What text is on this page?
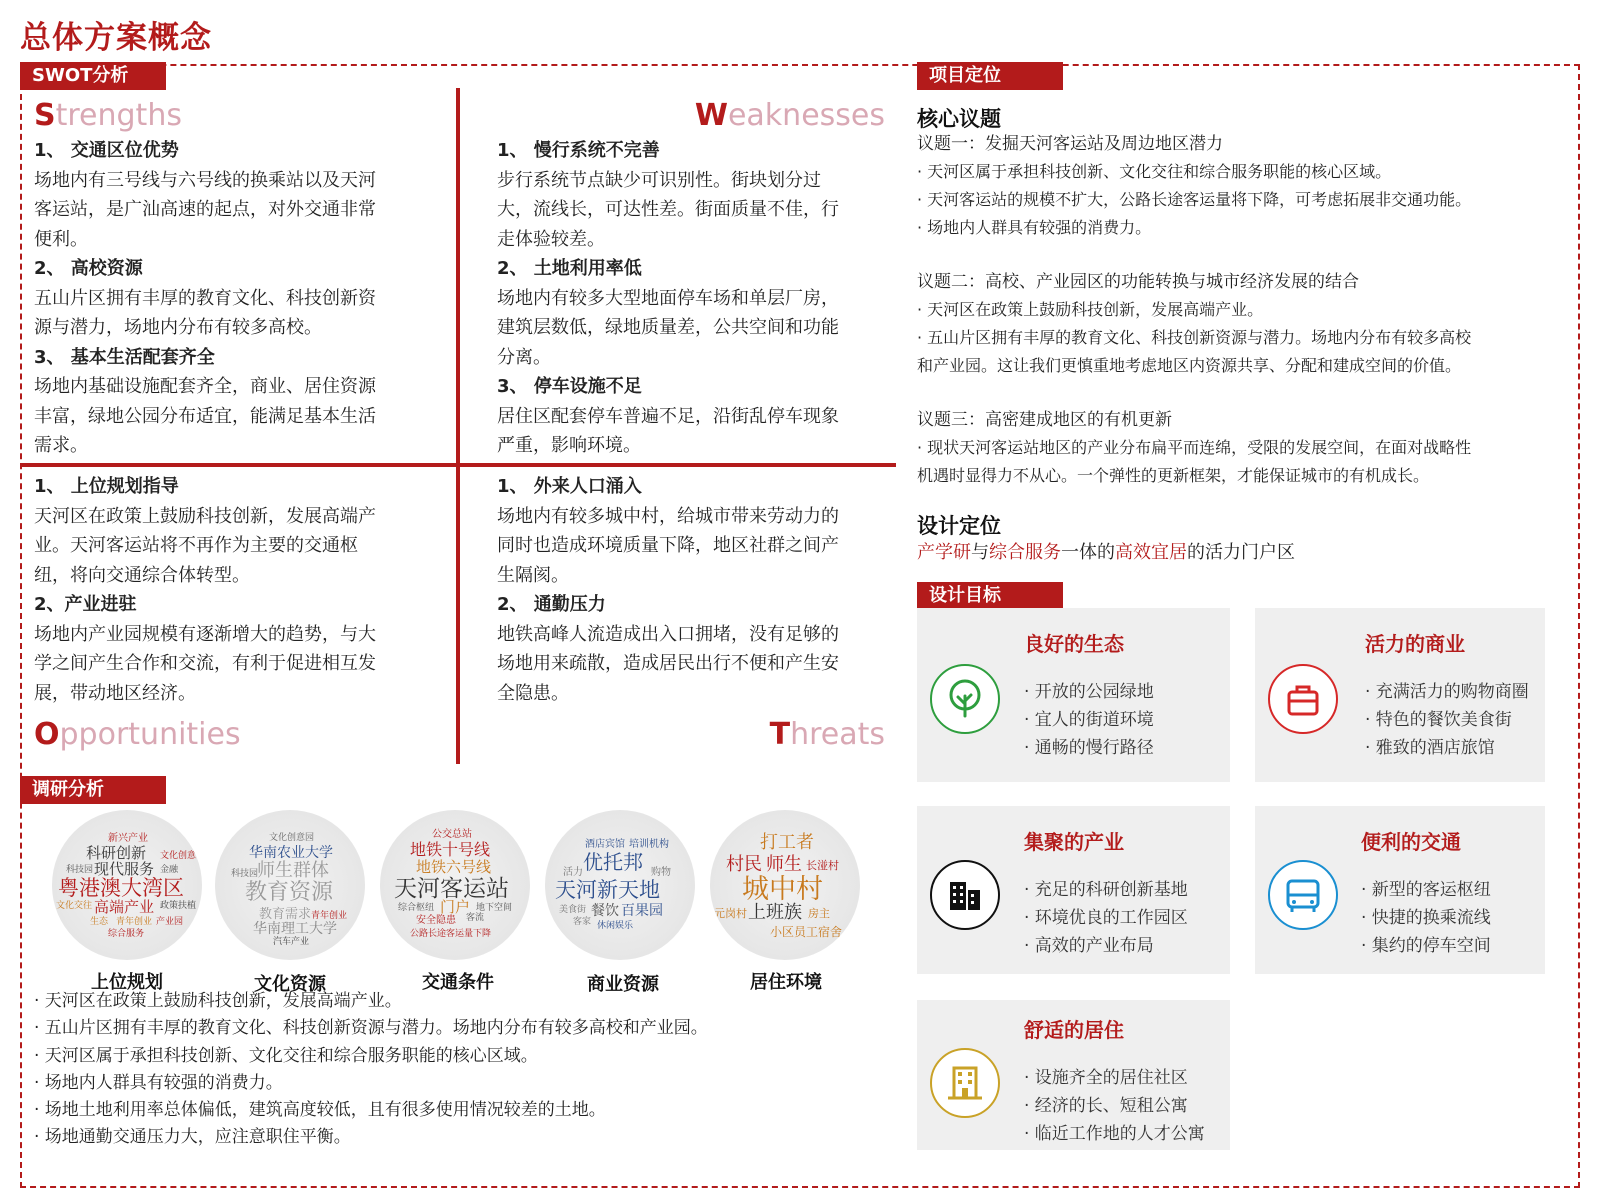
总体方案概念
SWOT分析	项目定位
设计目标
调研分析
Strengths	Weaknesses
Opportunities	Threats
1、 交通区位优势
场地内有三号线与六号线的换乘站以及天河
客运站，是广汕高速的起点，对外交通非常
便利。
2、 高校资源
五山片区拥有丰厚的教育文化、科技创新资
源与潜力，场地内分布有较多高校。
3、 基本生活配套齐全
场地内基础设施配套齐全，商业、居住资源
丰富，绿地公园分布适宜，能满足基本生活
需求。
1、 慢行系统不完善
步行系统节点缺少可识别性。街块划分过
大，流线长，可达性差。街面质量不佳，行
走体验较差。
2、 土地利用率低
场地内有较多大型地面停车场和单层厂房，
建筑层数低，绿地质量差，公共空间和功能
分离。
3、 停车设施不足
居住区配套停车普遍不足，沿街乱停车现象
严重，影响环境。
1、 上位规划指导
天河区在政策上鼓励科技创新，发展高端产
业。天河客运站将不再作为主要的交通枢
纽，将向交通综合体转型。
2、产业进驻
场地内产业园规模有逐渐增大的趋势，与大
学之间产生合作和交流，有利于促进相互发
展，带动地区经济。
1、 外来人口涌入
场地内有较多城中村，给城市带来劳动力的
同时也造成环境质量下降，地区社群之间产
生隔阂。
2、 通勤压力
地铁高峰人流造成出入口拥堵，没有足够的
场地用来疏散，造成居民出行不便和产生安
全隐患。
核心议题
议题一：发掘天河客运站及周边地区潜力
· 天河区属于承担科技创新、文化交往和综合服务职能的核心区域。
· 天河客运站的规模不扩大，公路长途客运量将下降，可考虑拓展非交通功能。
· 场地内人群具有较强的消费力。
议题二：高校、产业园区的功能转换与城市经济发展的结合
· 天河区在政策上鼓励科技创新，发展高端产业。
· 五山片区拥有丰厚的教育文化、科技创新资源与潜力。场地内分布有较多高校
和产业园。这让我们更慎重地考虑地区内资源共享、分配和建成空间的价值。
议题三：高密建成地区的有机更新
· 现状天河客运站地区的产业分布扁平而连绵，受限的发展空间，在面对战略性
机遇时显得力不从心。一个弹性的更新框架，才能保证城市的有机成长。
设计定位
产学研与综合服务一体的高效宜居的活力门户区
良好的生态
· 开放的公园绿地
· 宜人的街道环境
· 通畅的慢行路径
活力的商业
· 充满活力的购物商圈
· 特色的餐饮美食街
· 雅致的酒店旅馆
集聚的产业
· 充足的科研创新基地
· 环境优良的工作园区
· 高效的产业布局
便利的交通
· 新型的客运枢纽
· 快捷的换乘流线
· 集约的停车空间
舒适的居住
· 设施齐全的居住社区
· 经济的长、短租公寓
· 临近工作地的人才公寓
新兴产业
科研创新
现代服务
科技园
文化创意
金融
粤港澳大湾区
文化交往 高端产业 政策扶植
生态 青年创业 产业园
综合服务
文化创意园
华南农业大学
师生群体
科技园
教育资源
教育需求 青年创业
华南理工大学
汽车产业
公交总站
地铁十号线
地铁六号线
天河客运站
综合枢纽 门户 地下空间
安全隐患 客流
公路长途客运量下降
酒店宾馆 培训机构
优托邦
活力	购物
天河新天地
美食街 餐饮 百果园
客家 休闲娱乐
打工者
村民 师生 长湴村
城中村
元岗村 上班族 房主
小区员工宿舍
上位规划	文化资源	交通条件	商业资源	居住环境
· 天河区在政策上鼓励科技创新，发展高端产业。
· 五山片区拥有丰厚的教育文化、科技创新资源与潜力。场地内分布有较多高校和产业园。
· 天河区属于承担科技创新、文化交往和综合服务职能的核心区域。
· 场地内人群具有较强的消费力。
· 场地土地利用率总体偏低，建筑高度较低，且有很多使用情况较差的土地。
· 场地通勤交通压力大，应注意职住平衡。
